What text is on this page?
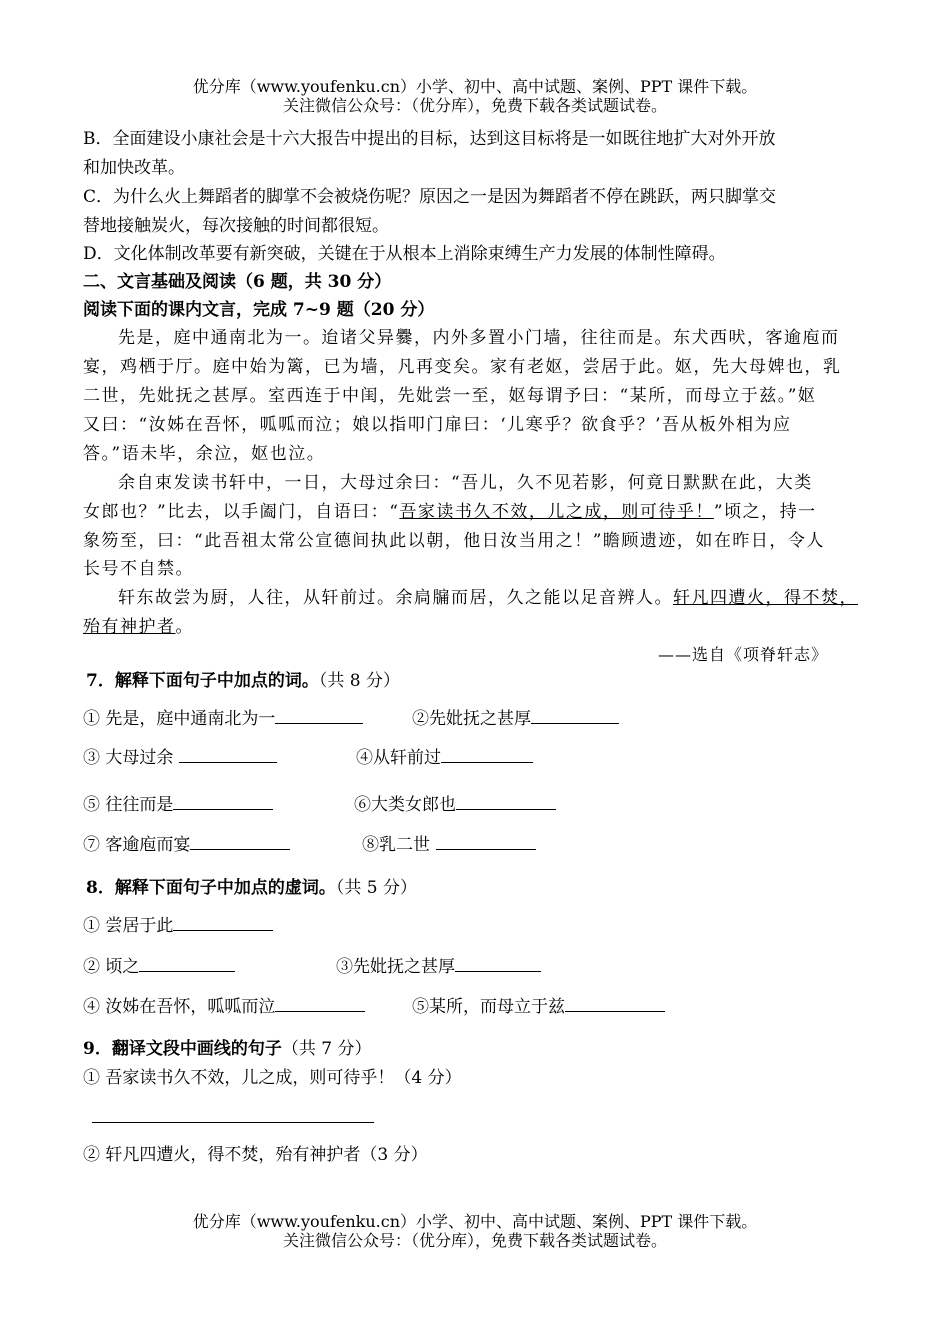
优分库（www.youfenku.cn）小学、初中、高中试题、案例、PPT 课件下载。
关注微信公众号：（优分库），免费下载各类试题试卷。
B．全面建设小康社会是十六大报告中提出的目标，达到这目标将是一如既往地扩大对外开放
和加快改革。
C．为什么火上舞蹈者的脚掌不会被烧伤呢？原因之一是因为舞蹈者不停在跳跃，两只脚掌交
替地接触炭火，每次接触的时间都很短。
D．文化体制改革要有新突破，关键在于从根本上消除束缚生产力发展的体制性障碍。
二、文言基础及阅读（6 题，共 30 分）
阅读下面的课内文言，完成 7~9 题（20 分）
先是，庭中通南北为一。迨诸父异爨，内外多置小门墙，往往而是。东犬西吠，客逾庖而
宴，鸡栖于厅。庭中始为篱，已为墙，凡再变矣。家有老妪，尝居于此。妪，先大母婢也，乳
二世，先妣抚之甚厚。室西连于中闺，先妣尝一至，妪每谓予曰：“某所，而母立于兹。”妪
又曰：“汝姊在吾怀，呱呱而泣；娘以指叩门扉曰：‘儿寒乎？欲食乎？’吾从板外相为应
答。”语未毕，余泣，妪也泣。
余自束发读书轩中，一日，大母过余曰：“吾儿，久不见若影，何竟日默默在此，大类
女郎也？”比去，以手阖门，自语曰：“吾家读书久不效，儿之成，则可待乎！”顷之，持一
象笏至，曰：“此吾祖太常公宣德间执此以朝，他日汝当用之！”瞻顾遗迹，如在昨日，令人
长号不自禁。
轩东故尝为厨，人往，从轩前过。余扃牖而居，久之能以足音辨人。轩凡四遭火，得不焚，
殆有神护者。
——选自《项脊轩志》
7．解释下面句子中加点的词。（共 8 分）
① 先是，庭中通南北为一	②先妣抚之甚厚
③ 大母过余	④从轩前过
⑤ 往往而是	⑥大类女郎也
⑦ 客逾庖而宴	⑧乳二世
8．解释下面句子中加点的虚词。（共 5 分）
① 尝居于此
② 顷之	③先妣抚之甚厚
④ 汝姊在吾怀，呱呱而泣	⑤某所，而母立于兹
9．翻译文段中画线的句子（共 7 分）
① 吾家读书久不效，儿之成，则可待乎！（4 分）
② 轩凡四遭火，得不焚，殆有神护者（3 分）
优分库（www.youfenku.cn）小学、初中、高中试题、案例、PPT 课件下载。
关注微信公众号：（优分库），免费下载各类试题试卷。
